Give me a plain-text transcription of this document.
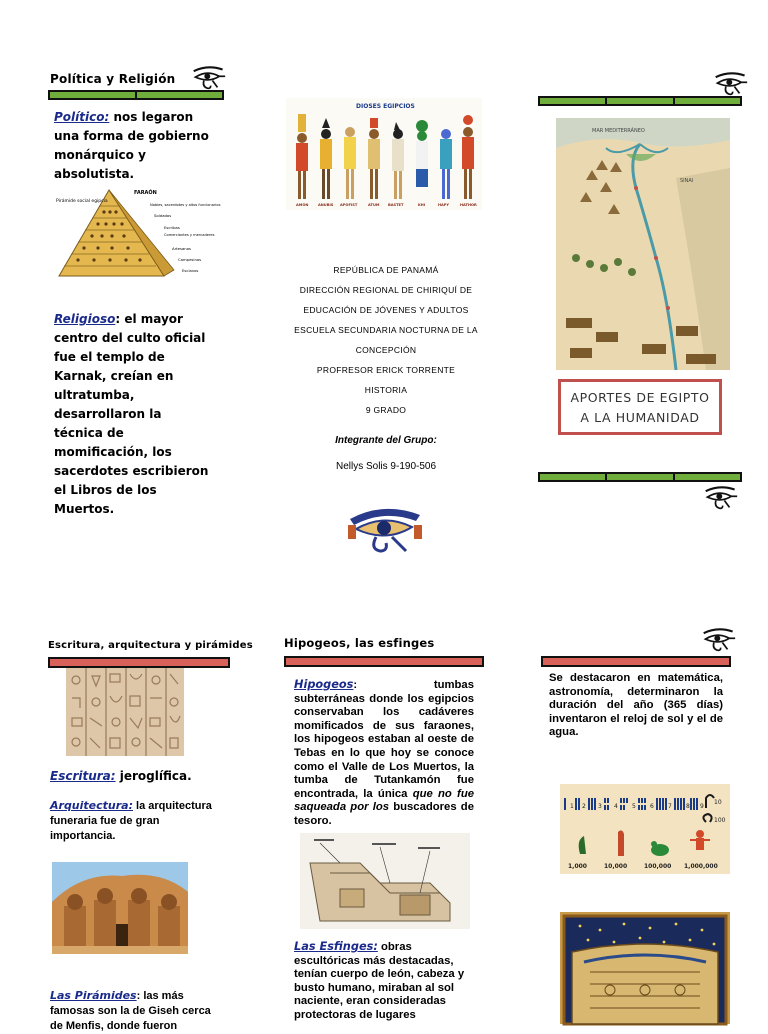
Política y Religión
Político: nos legaron una forma de gobierno monárquico y absolutista.
FARAÓN
Pirámide social egipcia
Nobles, sacerdotes y altos funcionarios
Soldados
Escribas
Comerciantes y mercaderes
Artesanos
Campesinos
Esclavos
Religioso: el mayor centro del culto oficial fue el templo de Karnak, creían en ultratumba, desarrollaron la técnica de momificación, los sacerdotes escribieron el Libros de los Muertos.
DIOSES EGIPCIOS
AMÓN	ANUBIS APOFIST	ATUM BASTET	KHI	HAPY	HATHOR
REPÚBLICA DE PANAMÁ
DIRECCIÓN REGIONAL DE CHIRIQUÍ DE
EDUCACIÓN DE JÓVENES Y ADULTOS
ESCUELA SECUNDARIA NOCTURNA DE LA
CONCEPCIÓN
PROFRESOR ERICK TORRENTE
HISTORIA
9 GRADO
Integrante del Grupo:
Nellys Solis 9-190-506
MAR MEDITERRÁNEO
SINAI
APORTES DE EGIPTO
A LA HUMANIDAD
Escritura, arquitectura y pirámides
Escritura: jeroglífica.
Arquitectura: la arquitectura funeraria fue de gran importancia.
Las Pirámides: las más famosas son la de Giseh cerca de Menfis, donde fueron
Hipogeos, las esfinges
Hipogeos: tumbas subterráneas donde los egipcios conservaban los cadáveres momificados de sus faraones, los hipogeos estaban al oeste de Tebas en lo que hoy se conoce como el Valle de Los Muertos, la tumba de Tutankamón fue encontrada, la única que no fue saqueada por los buscadores de tesoro.
Las Esfinges: obras escultóricas más destacadas, tenían cuerpo de león, cabeza y busto humano, miraban al sol naciente, eran consideradas protectoras de lugares
Se destacaron en matemática, astronomía, determinaron la duración del año (365 días) inventaron el reloj de sol y el de agua.
1 2 3 4 5 6 7 8 9
10
100
1,000	10,000	100,000 1,000,000
